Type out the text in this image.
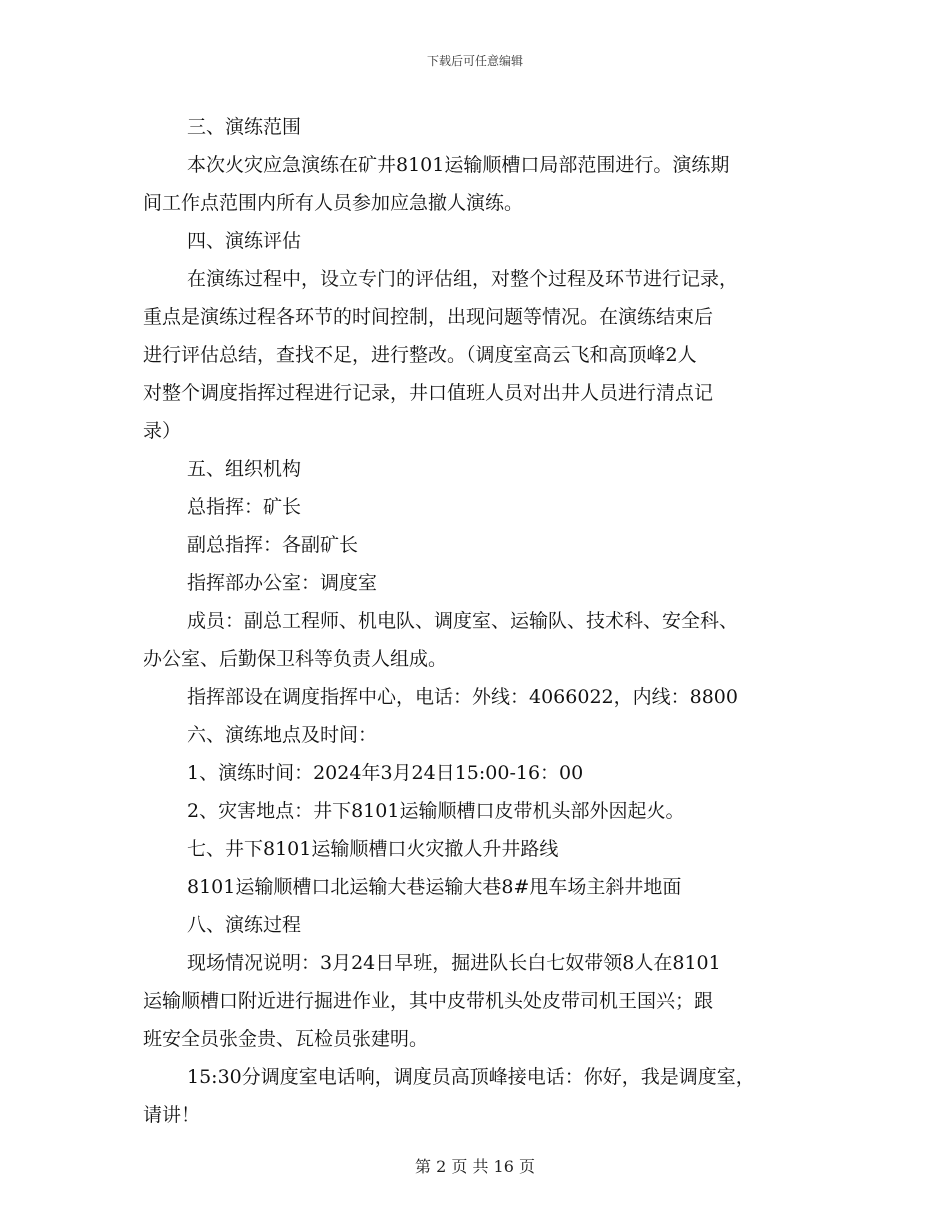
下载后可任意编辑

三、演练范围

本次火灾应急演练在矿井8101运输顺槽口局部范围进行。演练期

间工作点范围内所有人员参加应急撤人演练。

四、演练评估

在演练过程中，设立专门的评估组，对整个过程及环节进行记录，

重点是演练过程各环节的时间控制，出现问题等情况。在演练结束后

进行评估总结，查找不足，进行整改。（调度室高云飞和高顶峰2人

对整个调度指挥过程进行记录，井口值班人员对出井人员进行清点记

录）

五、组织机构

总指挥：矿长

副总指挥：各副矿长

指挥部办公室：调度室

成员：副总工程师、机电队、调度室、运输队、技术科、安全科、

办公室、后勤保卫科等负责人组成。

指挥部设在调度指挥中心，电话：外线：4066022，内线：8800

六、演练地点及时间：

1、演练时间：2024年3月24日15:00-16：00

2、灾害地点：井下8101运输顺槽口皮带机头部外因起火。

七、井下8101运输顺槽口火灾撤人升井路线

8101运输顺槽口北运输大巷运输大巷8#甩车场主斜井地面

八、演练过程

现场情况说明：3月24日早班，掘进队长白七奴带领8人在8101

运输顺槽口附近进行掘进作业，其中皮带机头处皮带司机王国兴；跟

班安全员张金贵、瓦检员张建明。

15:30分调度室电话响，调度员高顶峰接电话：你好，我是调度室，

请讲！

第 2 页 共 16 页
